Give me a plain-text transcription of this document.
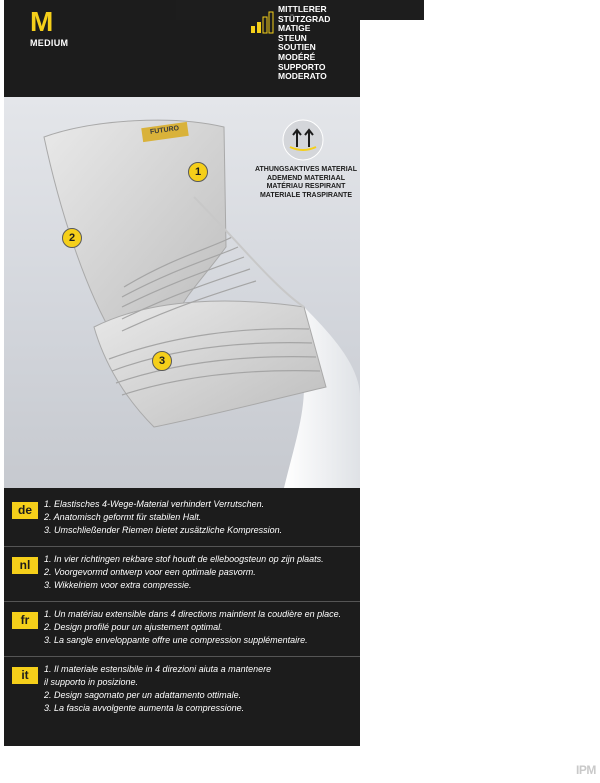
M
MEDIUM
MITTLERER
STÜTZGRAD
MATIGE
STEUN
SOUTIEN
MODÉRÉ
SUPPORTO
MODERATO
FUTURO
1
2
3
ATHUNGSAKTIVES MATERIAL
ADEMEND MATERIAAL
MATÉRIAU RESPIRANT
MATERIALE TRASPIRANTE
de	1. Elastisches 4-Wege-Material verhindert Verrutschen.
2. Anatomisch geformt für stabilen Halt.
3. Umschließender Riemen bietet zusätzliche Kompression.
nl	1. In vier richtingen rekbare stof houdt de elleboogsteun op zijn plaats.
2. Voorgevormd ontwerp voor een optimale pasvorm.
3. Wikkelriem voor extra compressie.
fr	1. Un matériau extensible dans 4 directions maintient la coudière en place.
2. Design profilé pour un ajustement optimal.
3. La sangle enveloppante offre une compression supplémentaire.
it	1. Il materiale estensibile in 4 direzioni aiuta a mantenere
il supporto in posizione.
2. Design sagomato per un adattamento ottimale.
3. La fascia avvolgente aumenta la compressione.
IPM
